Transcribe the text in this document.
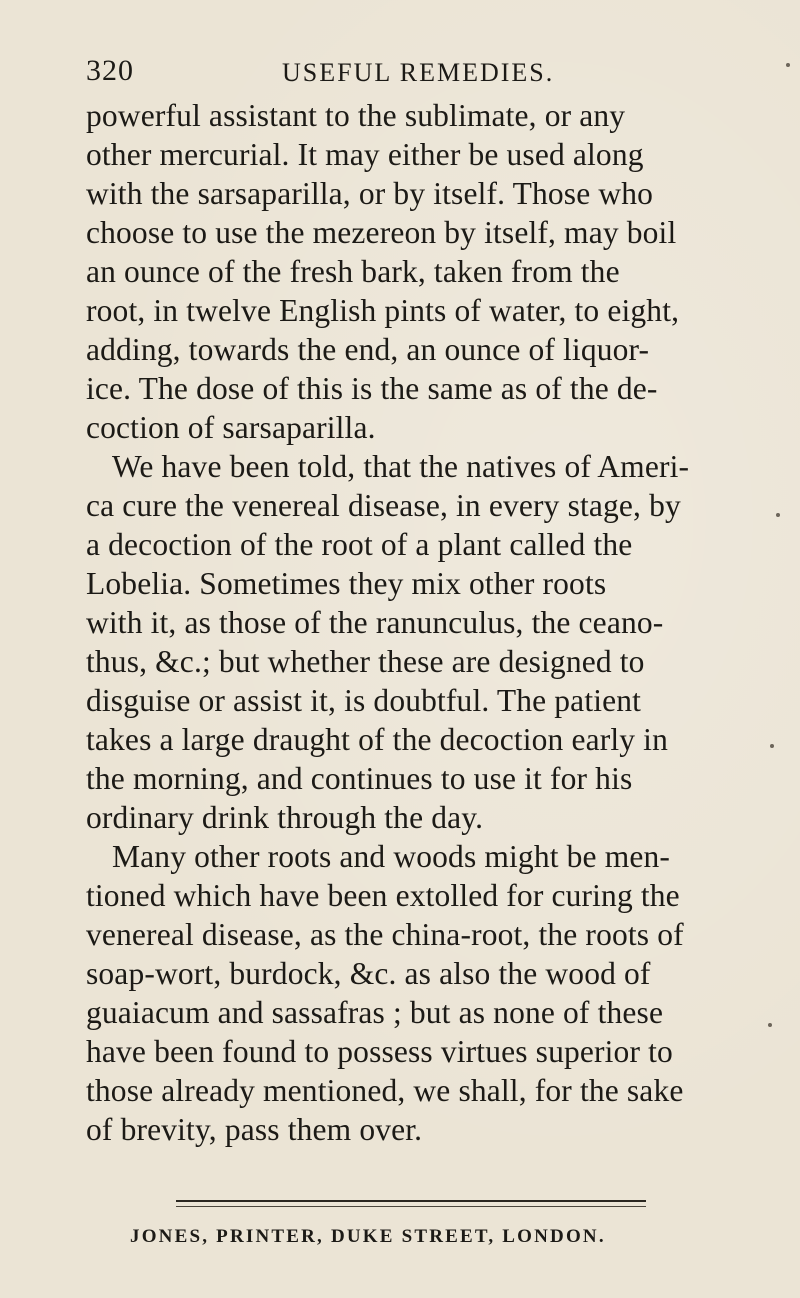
320	USEFUL REMEDIES.
powerful assistant to the sublimate, or any
other mercurial. It may either be used along
with the sarsaparilla, or by itself. Those who
choose to use the mezereon by itself, may boil
an ounce of the fresh bark, taken from the
root, in twelve English pints of water, to eight,
adding, towards the end, an ounce of liquor-
ice. The dose of this is the same as of the de-
coction of sarsaparilla.
We have been told, that the natives of Ameri-
ca cure the venereal disease, in every stage, by
a decoction of the root of a plant called the
Lobelia. Sometimes they mix other roots
with it, as those of the ranunculus, the ceano-
thus, &c.; but whether these are designed to
disguise or assist it, is doubtful. The patient
takes a large draught of the decoction early in
the morning, and continues to use it for his
ordinary drink through the day.
Many other roots and woods might be men-
tioned which have been extolled for curing the
venereal disease, as the china-root, the roots of
soap-wort, burdock, &c. as also the wood of
guaiacum and sassafras ; but as none of these
have been found to possess virtues superior to
those already mentioned, we shall, for the sake
of brevity, pass them over.
JONES, PRINTER, DUKE STREET, LONDON.
